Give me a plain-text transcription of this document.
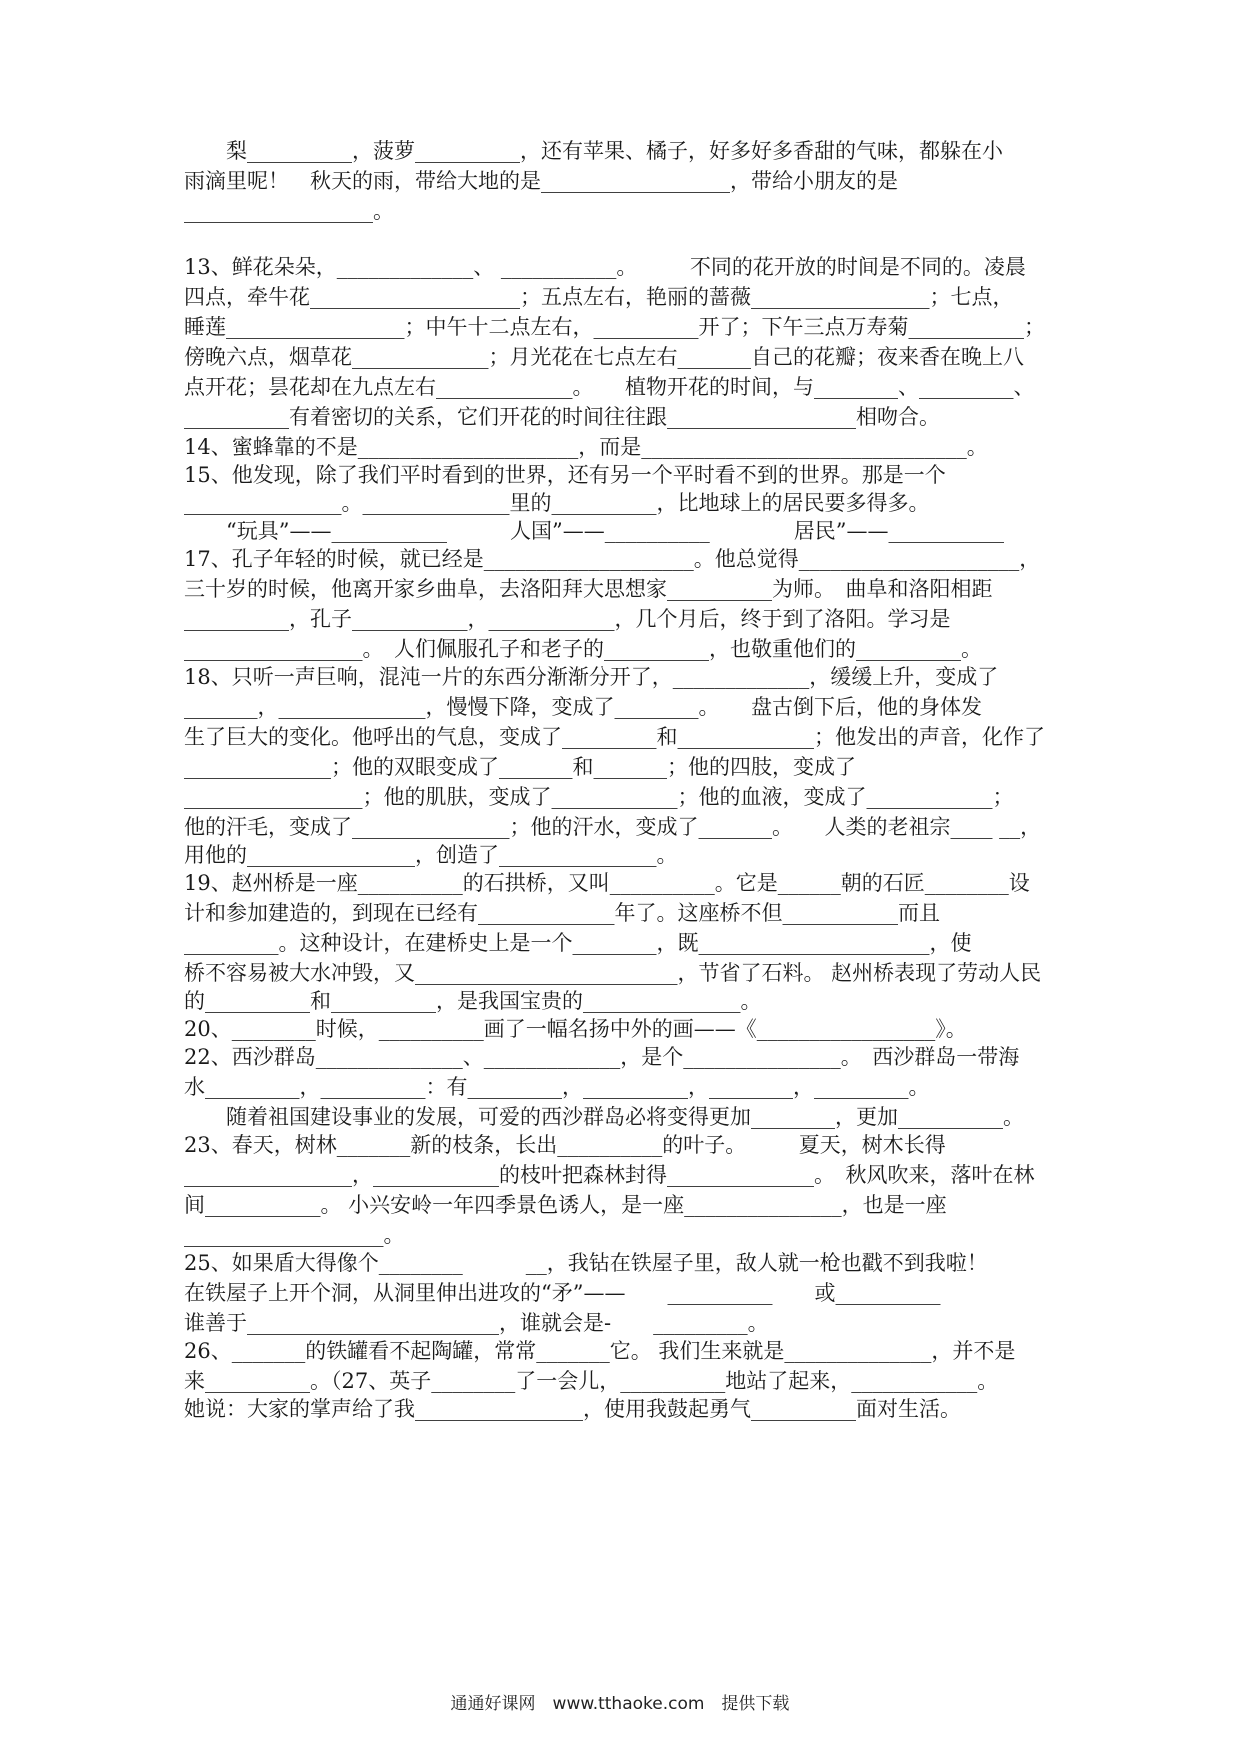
　　梨__________，菠萝__________，还有苹果、橘子，好多好多香甜的气味，都躲在小
雨滴里呢！　秋天的雨，带给大地的是__________________，带给小朋友的是
__________________。
13、鲜花朵朵，_____________、 ___________。　　　不同的花开放的时间是不同的。凌晨
四点，牵牛花____________________；五点左右，艳丽的蔷薇_________________；七点，
睡莲_________________；中午十二点左右，__________开了；下午三点万寿菊___________；
傍晚六点，烟草花_____________；月光花在七点左右_______自己的花瓣；夜来香在晚上八
点开花；昙花却在九点左右_____________。　　植物开花的时间，与________、_________、
__________有着密切的关系，它们开花的时间往往跟__________________相吻合。
14、蜜蜂靠的不是_____________________，而是_______________________________。
15、他发现，除了我们平时看到的世界，还有另一个平时看不到的世界。那是一个
_______________。______________里的__________，比地球上的居民要多得多。
　　“玩具”——___________　　　人国”——__________　　　　居民”——___________
17、孔子年轻的时候，就已经是____________________。他总觉得_____________________，
三十岁的时候，他离开家乡曲阜，去洛阳拜大思想家__________为师。　曲阜和洛阳相距
__________，孔子___________，____________，几个月后，终于到了洛阳。学习是
_________________。　人们佩服孔子和老子的__________，也敬重他们的__________。
18、只听一声巨响，混沌一片的东西分渐渐分开了，_____________，缓缓上升，变成了
_______，______________，慢慢下降，变成了________。　　盘古倒下后，他的身体发
生了巨大的变化。他呼出的气息，变成了_________和_____________；他发出的声音，化作了
______________；他的双眼变成了_______和_______；他的四肢，变成了
_________________；他的肌肤，变成了____________；他的血液，变成了____________；
他的汗毛，变成了_______________；他的汗水，变成了_______。　　人类的老祖宗____ __，
用他的________________，创造了_______________。
19、赵州桥是一座__________的石拱桥，又叫__________。它是______朝的石匠________设
计和参加建造的，到现在已经有_____________年了。这座桥不但___________而且
_________。这种设计，在建桥史上是一个________，既______________________，使
桥不容易被大水冲毁，又_________________________，节省了石料。 赵州桥表现了劳动人民
的__________和__________，是我国宝贵的_______________。
20、________时候，__________画了一幅名扬中外的画——《_________________》。
22、西沙群岛______________、_____________，是个_______________。　西沙群岛一带海
水_________，__________：有_________，__________，________，_________。
　　随着祖国建设事业的发展，可爱的西沙群岛必将变得更加________，更加__________。
23、春天，树林_______新的枝条，长出__________的叶子。　　　夏天，树木长得
________________，____________的枝叶把森林封得______________。　秋风吹来，落叶在林
间___________。 小兴安岭一年四季景色诱人，是一座_______________，也是一座
___________________。
25、如果盾大得像个________　　　__，我钻在铁屋子里，敌人就一枪也戳不到我啦！
在铁屋子上开个洞，从洞里伸出进攻的“矛”——　　__________　　或__________
谁善于________________________，谁就会是-　　_________。
26、_______的铁罐看不起陶罐，常常_______它。 我们生来就是______________，并不是
来__________。（27、英子________了一会儿，__________地站了起来，____________。
她说：大家的掌声给了我________________，使用我鼓起勇气__________面对生活。
通通好课网　www.tthaoke.com　提供下载
